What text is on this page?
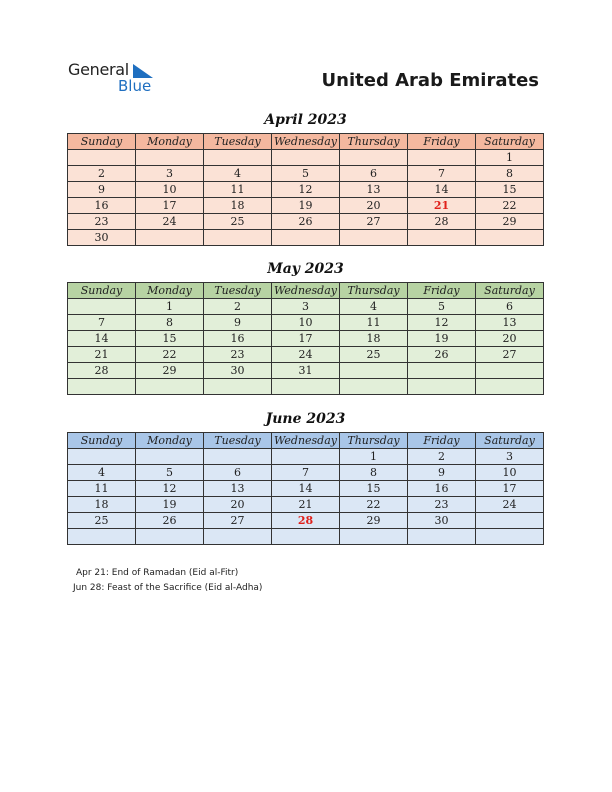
General
Blue	United Arab Emirates
April 2023
Sunday	Monday	Tuesday	Wednesday	Thursday	Friday	Saturday
						1
2	3	4	5	6	7	8
9	10	11	12	13	14	15
16	17	18	19	20	21	22
23	24	25	26	27	28	29
30						
May 2023
Sunday	Monday	Tuesday	Wednesday	Thursday	Friday	Saturday
	1	2	3	4	5	6
7	8	9	10	11	12	13
14	15	16	17	18	19	20
21	22	23	24	25	26	27
28	29	30	31			

June 2023
Sunday	Monday	Tuesday	Wednesday	Thursday	Friday	Saturday
				1	2	3
4	5	6	7	8	9	10
11	12	13	14	15	16	17
18	19	20	21	22	23	24
25	26	27	28	29	30	

Apr 21: End of Ramadan (Eid al-Fitr)
Jun 28: Feast of the Sacrifice (Eid al-Adha)
